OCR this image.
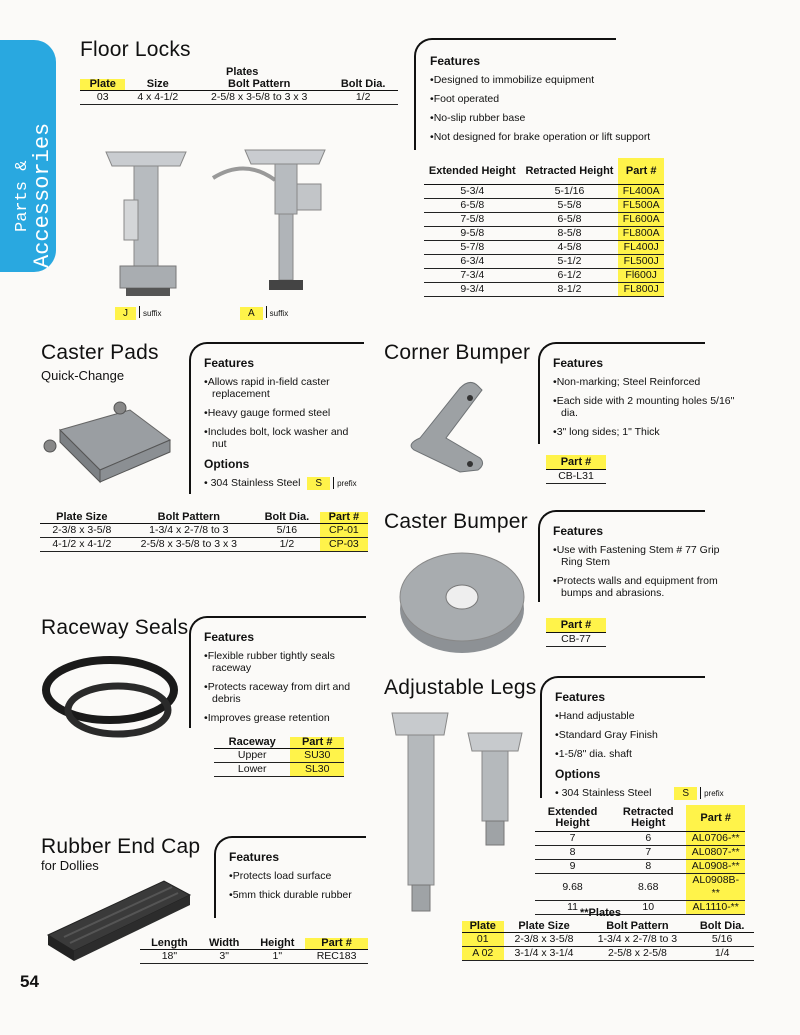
Parts &
Accessories
Floor Locks
Plates
Plate	Size	Bolt Pattern	Bolt Dia.
03	4 x 4-1/2	2-5/8 x 3-5/8 to 3 x 3	1/2
J suffix	A suffix
Features
• Designed to immobilize equipment
• Foot operated
• No-slip rubber base
• Not designed for brake operation or lift support
Extended Height	Retracted Height	Part #
5-3/4	5-1/16	FL400A
6-5/8	5-5/8	FL500A
7-5/8	6-5/8	FL600A
9-5/8	8-5/8	FL800A
5-7/8	4-5/8	FL400J
6-3/4	5-1/2	FL500J
7-3/4	6-1/2	Fl600J
9-3/4	8-1/2	FL800J
Caster Pads
Quick-Change
Features
• Allows rapid in-field caster replacement
• Heavy gauge formed steel
• Includes bolt, lock washer and nut
Options
• 304 Stainless Steel S prefix
Plate Size	Bolt Pattern	Bolt Dia.	Part #
2-3/8 x 3-5/8	1-3/4 x 2-7/8 to 3	5/16	CP-01
4-1/2 x 4-1/2	2-5/8 x 3-5/8 to 3 x 3	1/2	CP-03
Corner Bumper Features
• Non-marking; Steel Reinforced
• Each side with 2 mounting holes 5/16" dia.
• 3" long sides; 1" Thick
Part #
CB-L31
Caster Bumper Features
• Use with Fastening Stem # 77 Grip Ring Stem
• Protects walls and equipment from bumps and abrasions.
Part #
CB-77
Raceway Seals Features
• Flexible rubber tightly seals raceway
• Protects raceway from dirt and debris
• Improves grease retention
Raceway	Part #
Upper	SU30
Lower	SL30
Adjustable Legs Features
• Hand adjustable
• Standard Gray Finish
• 1-5/8" dia. shaft
Options
• 304 Stainless Steel	S prefix
Extended Height	Retracted Height	Part #
7	6	AL0706-**
8	7	AL0807-**
9	8	AL0908-**
9.68	8.68	AL0908B-**
11	10	AL1110-**
**Plates
Plate	Plate Size	Bolt Pattern	Bolt Dia.
01	2-3/8 x 3-5/8	1-3/4 x 2-7/8 to 3	5/16
A 02	3-1/4 x 3-1/4	2-5/8 x 2-5/8	1/4
Rubber End Cap
for Dollies
Features
• Protects load surface
• 5mm thick durable rubber
Length	Width	Height	Part #
18"	3"	1"	REC183
54
